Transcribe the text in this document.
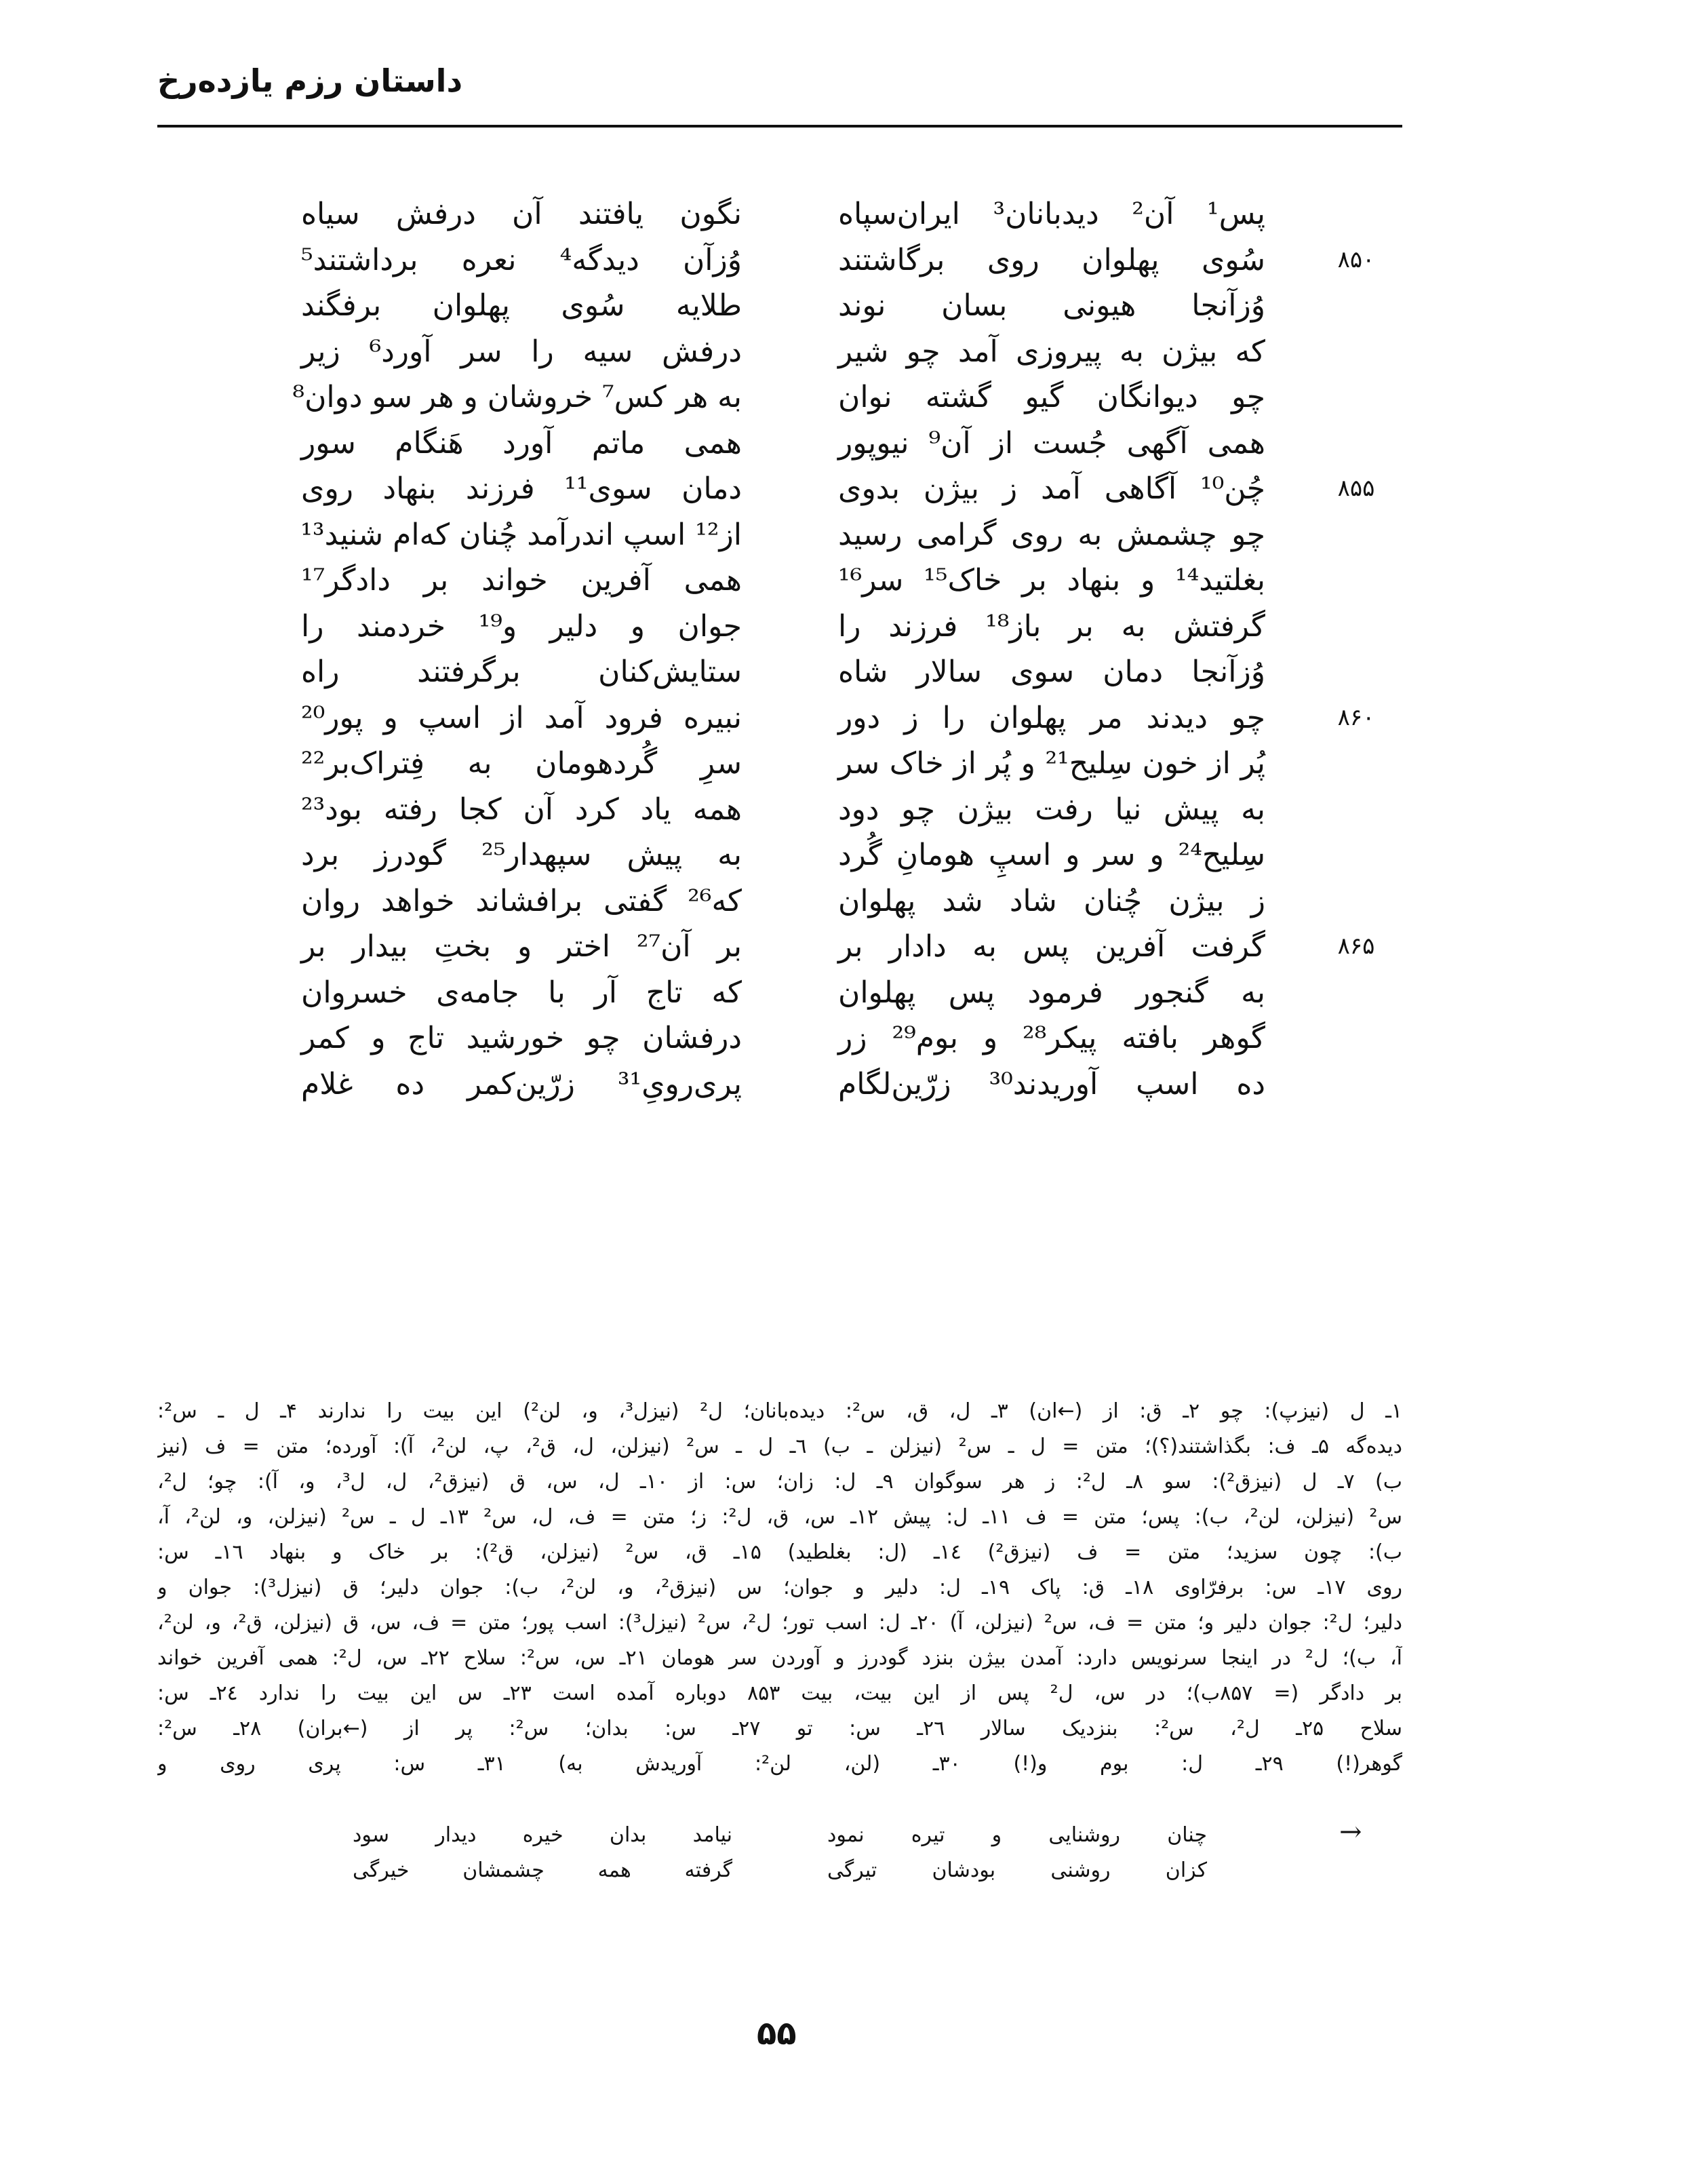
داستان رزم یازده‌رخ
پس¹ آن² دیدبانان³ ایران‌سپاه
نگون یافتند آن درفش سیاه
۸۵۰
سُوی پهلوان روی برگاشتند
وُزآن دیدگه⁴ نعره برداشتند⁵
وُزآنجا هیونی بسان نوند
طلایه سُوی پهلوان برفگند
که بیژن به پیروزی آمد چو شیر
درفش سیه را سر آورد⁶ زیر
چو دیوانگان گیو گشته نوان
به هر کس⁷ خروشان و هر سو دوان⁸
همی آگهی جُست از آن⁹ نیوپور
همی ماتم آورد هَنگام سور
۸۵۵
چُن¹⁰ آگاهی آمد ز بیژن بدوی
دمان سوی¹¹ فرزند بنهاد روی
چو چشمش به روی گرامی رسید
از¹² اسپ اندرآمد چُنان که‌ام شنید¹³
بغلتید¹⁴ و بنهاد بر خاک¹⁵ سر¹⁶
همی آفرین خواند بر دادگر¹⁷
گرفتش به بر باز¹⁸ فرزند را
جوان و دلیر و¹⁹ خردمند را
وُزآنجا دمان سوی سالار شاه
ستایش‌کنان برگرفتند راه
۸۶۰
چو دیدند مر پهلوان را ز دور
نبیره فرود آمد از اسپ و پور²⁰
پُر از خون سِلیح²¹ و پُر از خاک سر
سرِ گُردهومان به فِتراک‌بر²²
به پیش نیا رفت بیژن چو دود
همه یاد کرد آن کجا رفته بود²³
سِلیح²⁴ و سر و اسپِ هومانِ گُرد
به پیش سپهدار²⁵ گودرز برد
ز بیژن چُنان شاد شد پهلوان
که²⁶ گفتی برافشاند خواهد روان
۸۶۵
گرفت آفرین پس به دادار بر
بر آن²⁷ اختر و بختِ بیدار بر
به گنجور فرمود پس پهلوان
که تاج آر با جامه‌ی خسروان
گوهر بافته پیکر²⁸ و بوم²⁹ زر
درفشان چو خورشید تاج و کمر
ده اسپ آوریدند³⁰ زرّین‌لگام
پری‌رویِ³¹ زرّین‌کمر ده غلام
۱ـ ل (نیزپ): چو ۲ـ ق: از (←ان) ۳ـ ل، ق، س²: دیده‌بانان؛ ل² (نیزل³، و، لن²) این بیت را ندارند ۴ـ ل ـ س²:
دیده‌گه ۵ـ ف: بگذاشتند(؟)؛ متن = ل ـ س² (نیزلن ـ ب) ٦ـ ل ـ س² (نیزلن، ل، ق²، پ، لن²، آ): آورده؛ متن = ف (نیز
ب) ۷ـ ل (نیزق²): سو ۸ـ ل²: ز هر سوگوان ۹ـ ل: زان؛ س: از ۱۰ـ ل، س، ق (نیزق²، ل، ل³، و، آ): چو؛ ل²،
س² (نیزلن، لن²، ب): پس؛ متن = ف ۱۱ـ ل: پیش ۱۲ـ س، ق، ل²: ز؛ متن = ف، ل، س² ۱۳ـ ل ـ س² (نیزلن، و، لن²، آ،
ب): چون سزید؛ متن = ف (نیزق²) ۱٤ـ (ل: بغلطید) ۱۵ـ ق، س² (نیزلن، ق²): بر خاک و بنهاد ۱٦ـ س:
روی ۱۷ـ س: برفرّاوی ۱۸ـ ق: پاک ۱۹ـ ل: دلیر و جوان؛ س (نیزق²، و، لن²، ب): جوان دلیر؛ ق (نیزل³): جوان و
دلیر؛ ل²: جوان دلیر و؛ متن = ف، س² (نیزلن، آ) ۲۰ـ ل: اسب تور؛ ل²، س² (نیزل³): اسب پور؛ متن = ف، س، ق (نیزلن، ق²، و، لن²،
آ، ب)؛ ل² در اینجا سرنویس دارد: آمدن بیژن بنزد گودرز و آوردن سر هومان ۲۱ـ س، س²: سلاح ۲۲ـ س، ل²: همی آفرین خواند
بر دادگر (= ۸۵۷ب)؛ در س، ل² پس از این بیت، بیت ۸۵۳ دوباره آمده است ۲۳ـ س این بیت را ندارد ۲٤ـ س:
سلاح ۲۵ـ ل²، س²: بنزدیک سالار ۲٦ـ س: تو ۲۷ـ س: بدان؛ س²: پر از (←بران) ۲۸ـ س²:
گوهر(!) ۲۹ـ ل: بوم و(!) ۳۰ـ (لن، لن²: آوریدش به) ۳۱ـ س: پری روی و
→
چنان روشنایی و تیره نمود
نیامد بدان خیره دیدار سود
کزان روشنی بودشان تیرگی
گرفته همه چشمشان خیرگی
۵۵
